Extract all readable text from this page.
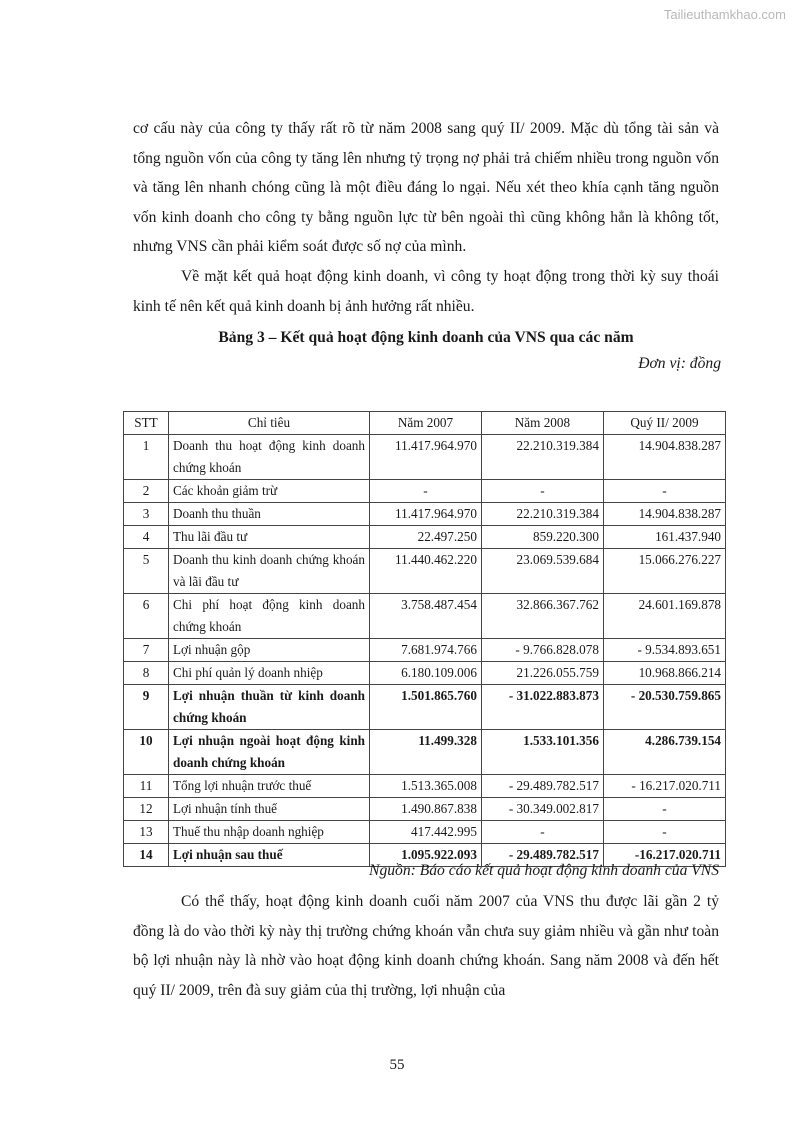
Tailieuthamkhao.com

cơ cấu này của công ty thấy rất rõ từ năm 2008 sang quý II/ 2009. Mặc dù tổng tài sản và tổng nguồn vốn của công ty tăng lên nhưng tỷ trọng nợ phải trả chiếm nhiều trong nguồn vốn và tăng lên nhanh chóng cũng là một điều đáng lo ngại. Nếu xét theo khía cạnh tăng nguồn vốn kinh doanh cho công ty bằng nguồn lực từ bên ngoài thì cũng không hẳn là không tốt, nhưng VNS cần phải kiểm soát được số nợ của mình.

Về mặt kết quả hoạt động kinh doanh, vì công ty hoạt động trong thời kỳ suy thoái kinh tế nên kết quả kinh doanh bị ảnh hưởng rất nhiều.

Bảng 3 – Kết quả hoạt động kinh doanh của VNS qua các năm
Đơn vị: đồng
STT	Chỉ tiêu	Năm 2007	Năm 2008	Quý II/ 2009
1	Doanh thu hoạt động kinh doanh chứng khoán	11.417.964.970	22.210.319.384	14.904.838.287
2	Các khoản giảm trừ	-	-	-
3	Doanh thu thuần	11.417.964.970	22.210.319.384	14.904.838.287
4	Thu lãi đầu tư	22.497.250	859.220.300	161.437.940
5	Doanh thu kinh doanh chứng khoán và lãi đầu tư	11.440.462.220	23.069.539.684	15.066.276.227
6	Chi phí hoạt động kinh doanh chứng khoán	3.758.487.454	32.866.367.762	24.601.169.878
7	Lợi nhuận gộp	7.681.974.766	- 9.766.828.078	- 9.534.893.651
8	Chi phí quản lý doanh nhiệp	6.180.109.006	21.226.055.759	10.968.866.214
9	Lợi nhuận thuần từ kinh doanh chứng khoán	1.501.865.760	- 31.022.883.873	- 20.530.759.865
10	Lợi nhuận ngoài hoạt động kinh doanh chứng khoán	11.499.328	1.533.101.356	4.286.739.154
11	Tổng lợi nhuận trước thuế	1.513.365.008	- 29.489.782.517	- 16.217.020.711
12	Lợi nhuận tính thuế	1.490.867.838	- 30.349.002.817	-
13	Thuế thu nhập doanh nghiệp	417.442.995	-	-
14	Lợi nhuận sau thuế	1.095.922.093	- 29.489.782.517	-16.217.020.711
Nguồn: Báo cáo kết quả hoạt động kinh doanh của VNS

Có thể thấy, hoạt động kinh doanh cuối năm 2007 của VNS thu được lãi gần 2 tỷ đồng là do vào thời kỳ này thị trường chứng khoán vẫn chưa suy giảm nhiều và gần như toàn bộ lợi nhuận này là nhờ vào hoạt động kinh doanh chứng khoán. Sang năm 2008 và đến hết quý II/ 2009, trên đà suy giảm của thị trường, lợi nhuận của

55
